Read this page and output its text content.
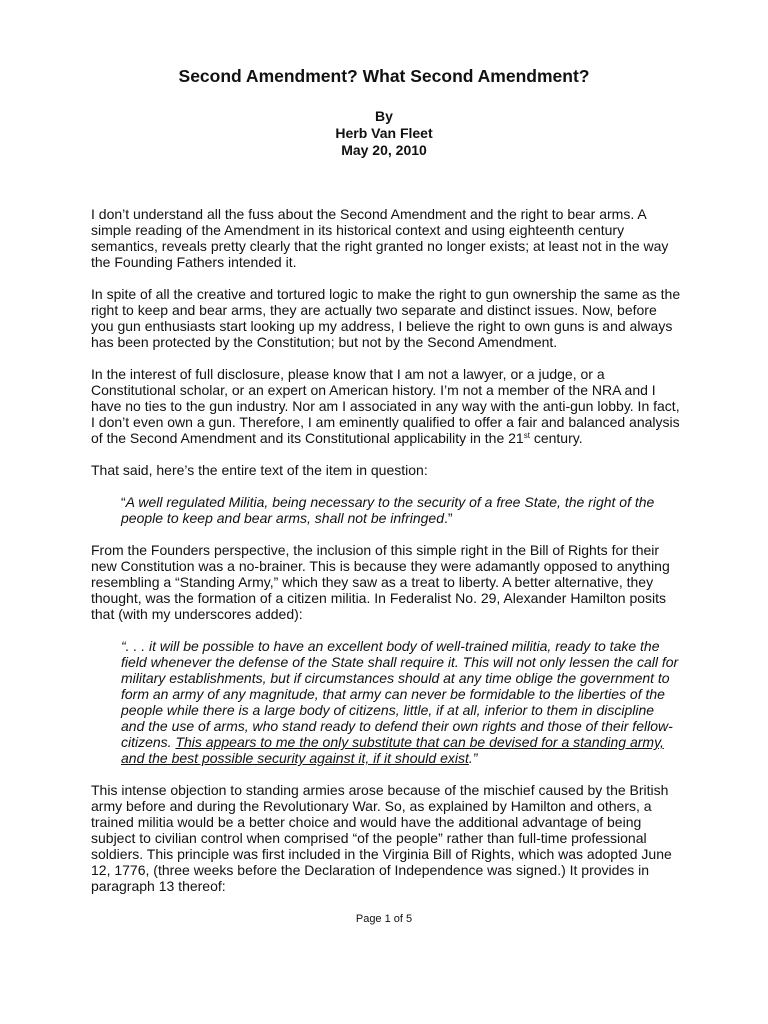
Second Amendment? What Second Amendment?
By
Herb Van Fleet
May 20, 2010

I don’t understand all the fuss about the Second Amendment and the right to bear arms. A simple reading of the Amendment in its historical context and using eighteenth century semantics, reveals pretty clearly that the right granted no longer exists; at least not in the way the Founding Fathers intended it.

In spite of all the creative and tortured logic to make the right to gun ownership the same as the right to keep and bear arms, they are actually two separate and distinct issues. Now, before you gun enthusiasts start looking up my address, I believe the right to own guns is and always has been protected by the Constitution; but not by the Second Amendment.

In the interest of full disclosure, please know that I am not a lawyer, or a judge, or a Constitutional scholar, or an expert on American history. I’m not a member of the NRA and I have no ties to the gun industry. Nor am I associated in any way with the anti-gun lobby. In fact, I don’t even own a gun. Therefore, I am eminently qualified to offer a fair and balanced analysis of the Second Amendment and its Constitutional applicability in the 21st century.

That said, here’s the entire text of the item in question:

“A well regulated Militia, being necessary to the security of a free State, the right of the people to keep and bear arms, shall not be infringed.”

From the Founders perspective, the inclusion of this simple right in the Bill of Rights for their new Constitution was a no-brainer. This is because they were adamantly opposed to anything resembling a “Standing Army,” which they saw as a treat to liberty. A better alternative, they thought, was the formation of a citizen militia. In Federalist No. 29, Alexander Hamilton posits that (with my underscores added):

“. . . it will be possible to have an excellent body of well-trained militia, ready to take the field whenever the defense of the State shall require it. This will not only lessen the call for military establishments, but if circumstances should at any time oblige the government to form an army of any magnitude, that army can never be formidable to the liberties of the people while there is a large body of citizens, little, if at all, inferior to them in discipline and the use of arms, who stand ready to defend their own rights and those of their fellow-citizens. This appears to me the only substitute that can be devised for a standing army, and the best possible security against it, if it should exist.”

This intense objection to standing armies arose because of the mischief caused by the British army before and during the Revolutionary War. So, as explained by Hamilton and others, a trained militia would be a better choice and would have the additional advantage of being subject to civilian control when comprised “of the people” rather than full-time professional soldiers. This principle was first included in the Virginia Bill of Rights, which was adopted June 12, 1776, (three weeks before the Declaration of Independence was signed.) It provides in paragraph 13 thereof:

Page 1 of 5
